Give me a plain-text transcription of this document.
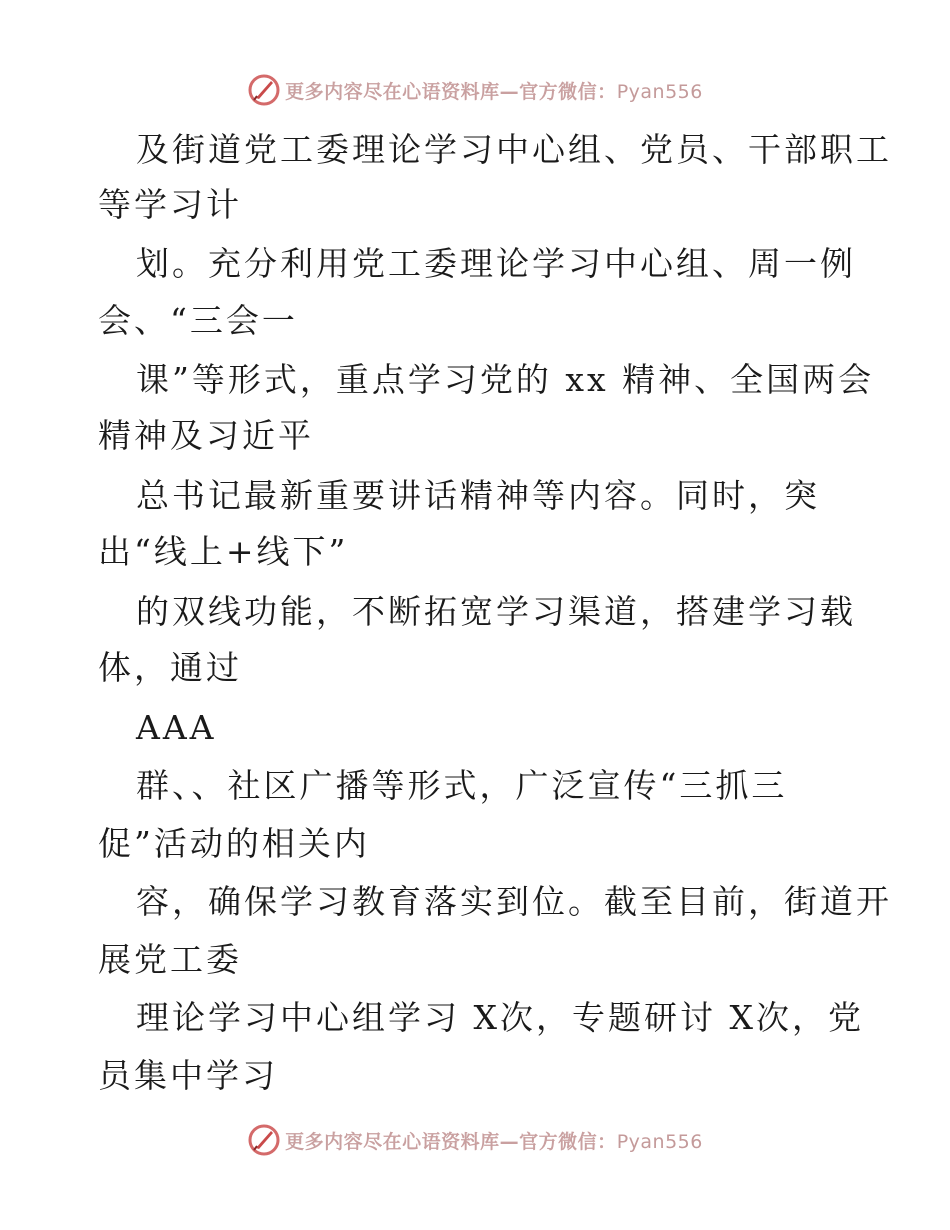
更多内容尽在心语资料库—官方微信：Pyan556
及街道党工委理论学习中心组、党员、干部职工
等学习计
划。充分利用党工委理论学习中心组、周一例
会、“三会一
课”等形式，重点学习党的 xx 精神、全国两会
精神及习近平
总书记最新重要讲话精神等内容。同时，突
出“线上+线下”
的双线功能，不断拓宽学习渠道，搭建学习载
体，通过
AAA
群、、社区广播等形式，广泛宣传“三抓三
促”活动的相关内
容，确保学习教育落实到位。截至目前，街道开
展党工委
理论学习中心组学习 X次，专题研讨 X次，党
员集中学习
更多内容尽在心语资料库—官方微信：Pyan556
